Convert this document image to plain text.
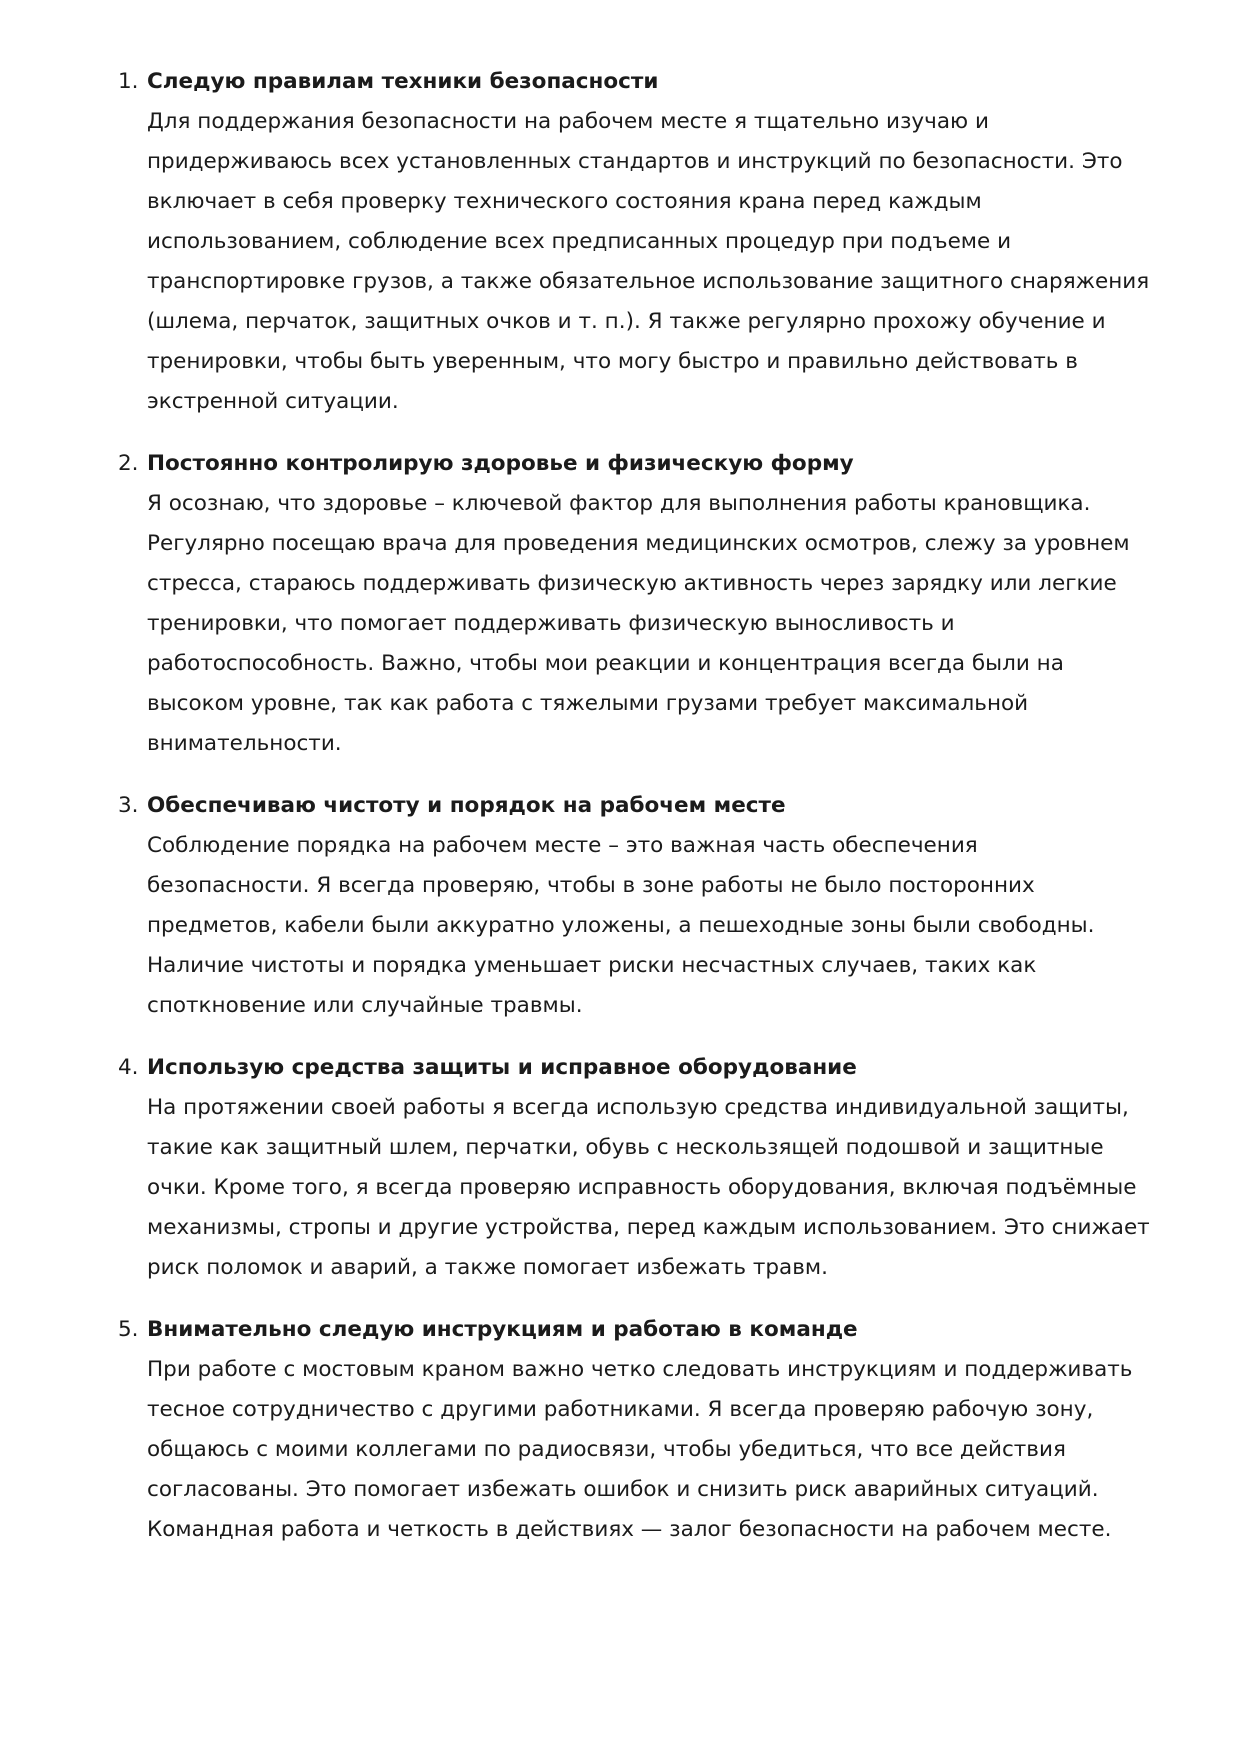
1. Следую правилам техники безопасности
Для поддержания безопасности на рабочем месте я тщательно изучаю и
придерживаюсь всех установленных стандартов и инструкций по безопасности. Это
включает в себя проверку технического состояния крана перед каждым
использованием, соблюдение всех предписанных процедур при подъеме и
транспортировке грузов, а также обязательное использование защитного снаряжения
(шлема, перчаток, защитных очков и т. п.). Я также регулярно прохожу обучение и
тренировки, чтобы быть уверенным, что могу быстро и правильно действовать в
экстренной ситуации.
2. Постоянно контролирую здоровье и физическую форму
Я осознаю, что здоровье – ключевой фактор для выполнения работы крановщика.
Регулярно посещаю врача для проведения медицинских осмотров, слежу за уровнем
стресса, стараюсь поддерживать физическую активность через зарядку или легкие
тренировки, что помогает поддерживать физическую выносливость и
работоспособность. Важно, чтобы мои реакции и концентрация всегда были на
высоком уровне, так как работа с тяжелыми грузами требует максимальной
внимательности.
3. Обеспечиваю чистоту и порядок на рабочем месте
Соблюдение порядка на рабочем месте – это важная часть обеспечения
безопасности. Я всегда проверяю, чтобы в зоне работы не было посторонних
предметов, кабели были аккуратно уложены, а пешеходные зоны были свободны.
Наличие чистоты и порядка уменьшает риски несчастных случаев, таких как
споткновение или случайные травмы.
4. Использую средства защиты и исправное оборудование
На протяжении своей работы я всегда использую средства индивидуальной защиты,
такие как защитный шлем, перчатки, обувь с нескользящей подошвой и защитные
очки. Кроме того, я всегда проверяю исправность оборудования, включая подъёмные
механизмы, стропы и другие устройства, перед каждым использованием. Это снижает
риск поломок и аварий, а также помогает избежать травм.
5. Внимательно следую инструкциям и работаю в команде
При работе с мостовым краном важно четко следовать инструкциям и поддерживать
тесное сотрудничество с другими работниками. Я всегда проверяю рабочую зону,
общаюсь с моими коллегами по радиосвязи, чтобы убедиться, что все действия
согласованы. Это помогает избежать ошибок и снизить риск аварийных ситуаций.
Командная работа и четкость в действиях — залог безопасности на рабочем месте.
